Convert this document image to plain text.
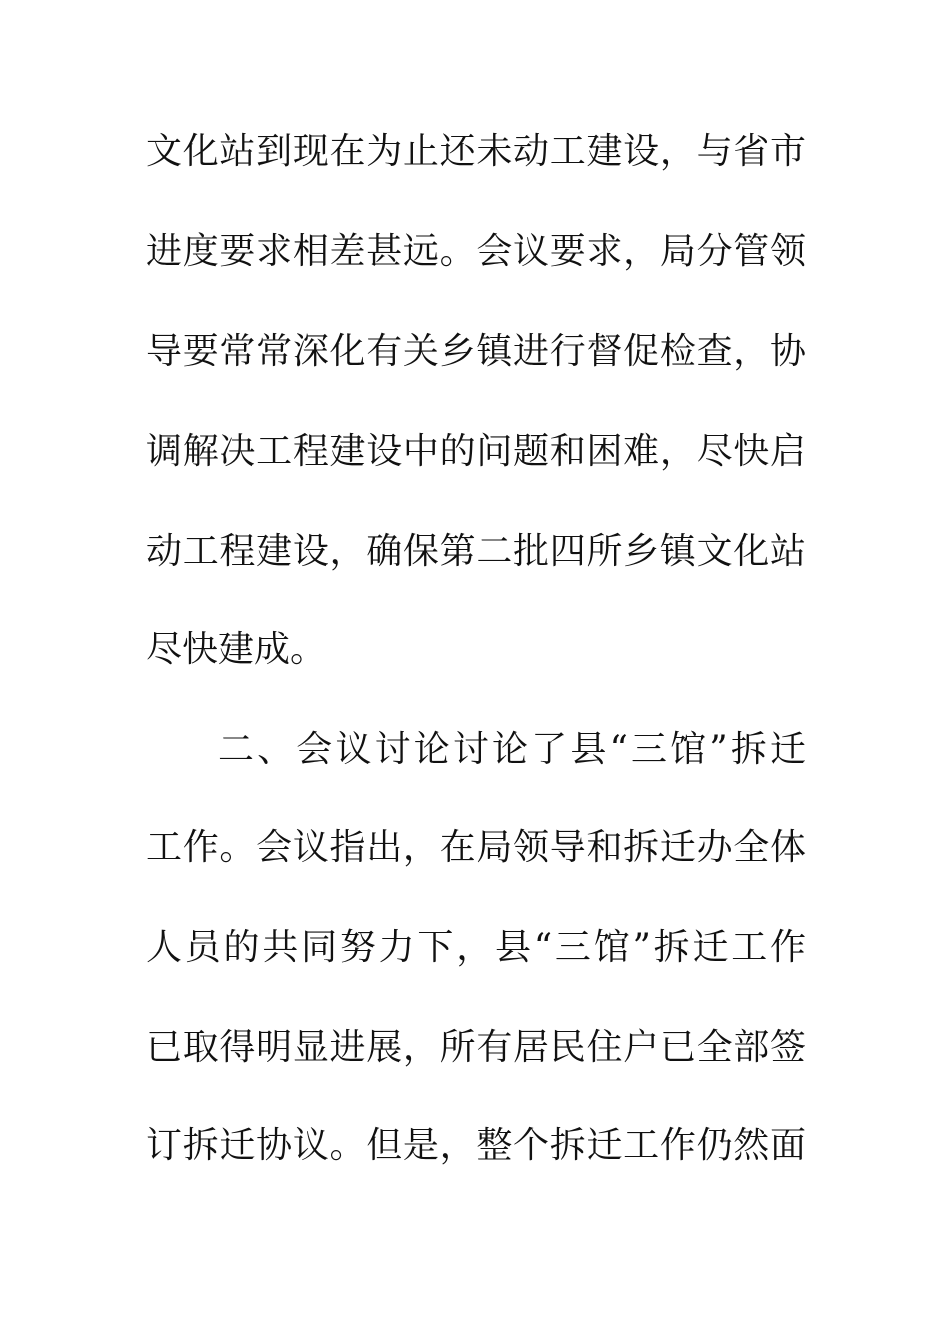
文化站到现在为止还未动工建设，与省市
进度要求相差甚远。会议要求，局分管领
导要常常深化有关乡镇进行督促检查，协
调解决工程建设中的问题和困难，尽快启
动工程建设，确保第二批四所乡镇文化站
尽快建成。
二、会议讨论讨论了县“三馆”拆迁
工作。会议指出，在局领导和拆迁办全体
人员的共同努力下，县“三馆”拆迁工作
已取得明显进展，所有居民住户已全部签
订拆迁协议。但是，整个拆迁工作仍然面
